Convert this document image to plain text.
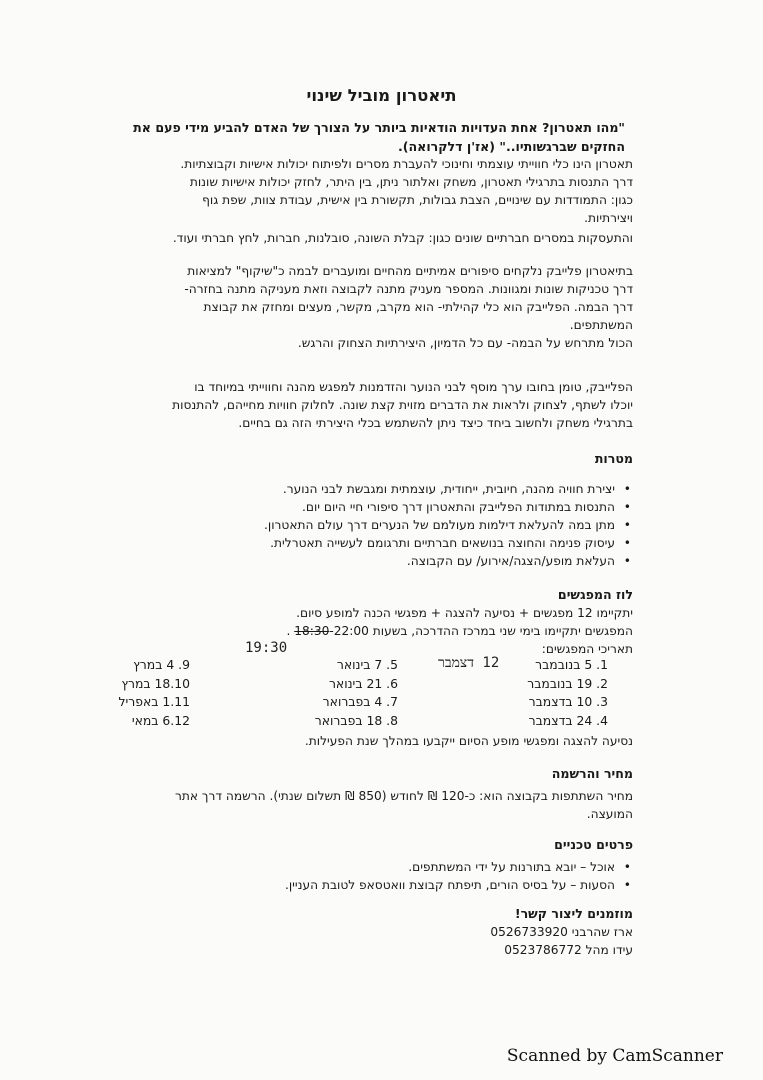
תיאטרון מוביל שינוי
"מהו תאטרון? אחת העדויות הודאיות ביותר על הצורך של האדם להביע מידי פעם את
החזקים שברגשותיו.." (אז'ן דלקרואה).
תאטרון הינו כלי חווייתי עוצמתי וחינוכי להעברת מסרים ולפיתוח יכולות אישיות וקבוצתיות.
דרך התנסות בתרגילי תאטרון, משחק ואלתור ניתן, בין היתר, לחזק יכולות אישיות שונות
כגון: התמודדות עם שינויים, הצבת גבולות, תקשורת בין אישית, עבודת צוות, שפת גוף
ויצירתיות.
והתעסקות במסרים חברתיים שונים כגון: קבלת השונה, סובלנות, חברות, לחץ חברתי ועוד.
בתיאטרון פלייבק נלקחים סיפורים אמיתיים מהחיים ומועברים לבמה כ"שיקוף" למציאות
דרך טכניקות שונות ומגוונות. המספר מעניק מתנה לקבוצה וזאת מעניקה מתנה בחזרה-
דרך הבמה. הפלייבק הוא כלי קהילתי- הוא מקרב, מקשר, מעצים ומחזק את קבוצת
המשתתפים.
הכול מתרחש על הבמה- עם כל הדמיון, היצירתיות הצחוק והרגש.
הפלייבק, טומן בחובו ערך מוסף לבני הנוער והזדמנות למפגש מהנה וחווייתי במיוחד בו
יוכלו לשתף, לצחוק ולראות את הדברים מזוית קצת שונה. לחלוק חוויות מחייהם, להתנסות
בתרגילי משחק ולחשוב ביחד כיצד ניתן להשתמש בכלי היצירתי הזה גם בחיים.
מטרות
• יצירת חוויה מהנה, חיובית, ייחודית, עוצמתית ומגבשת לבני הנוער.
• התנסות במתודות הפלייבק והתאטרון דרך סיפורי חיי היום יום.
• מתן במה להעלאת דילמות מעולמם של הנערים דרך עולם התאטרון.
• עיסוק פנימה והחוצה בנושאים חברתיים ותרגומם לעשייה תאטרלית.
• העלאת מופע/הצגה/אירוע/ עם הקבוצה.
לוז המפגשים
יתקיימו 12 מפגשים + נסיעה להצגה + מפגשי הכנה למופע סיום.
המפגשים יתקיימו בימי שני במרכז ההדרכה, בשעות 18:30-22:00 .
תאריכי המפגשים:
19:30
12 דצמבר	1. 5 בנובמבר
2. 19 בנובמבר
3. 10 בדצמבר
4. 24 בדצמבר
5. 7 בינואר
6. 21 בינואר
7. 4 בפברואר
8. 18 בפברואר
9. 4 במרץ
18.10 במרץ
1.11 באפריל
6.12 במאי
נסיעה להצגה ומפגשי מופע הסיום ייקבעו במהלך שנת הפעילות.
מחיר והרשמה
מחיר השתתפות בקבוצה הוא: כ-120 ₪ לחודש (850 ₪ תשלום שנתי). הרשמה דרך אתר
המועצה.
פרטים טכניים
• אוכל – יובא בתורנות על ידי המשתתפים.
• הסעות – על בסיס הורים, תיפתח קבוצת וואטסאפ לטובת העניין.
מוזמנים ליצור קשר!
ארז שהרבני 0526733920
עידו מהל 0523786772
Scanned by CamScanner
